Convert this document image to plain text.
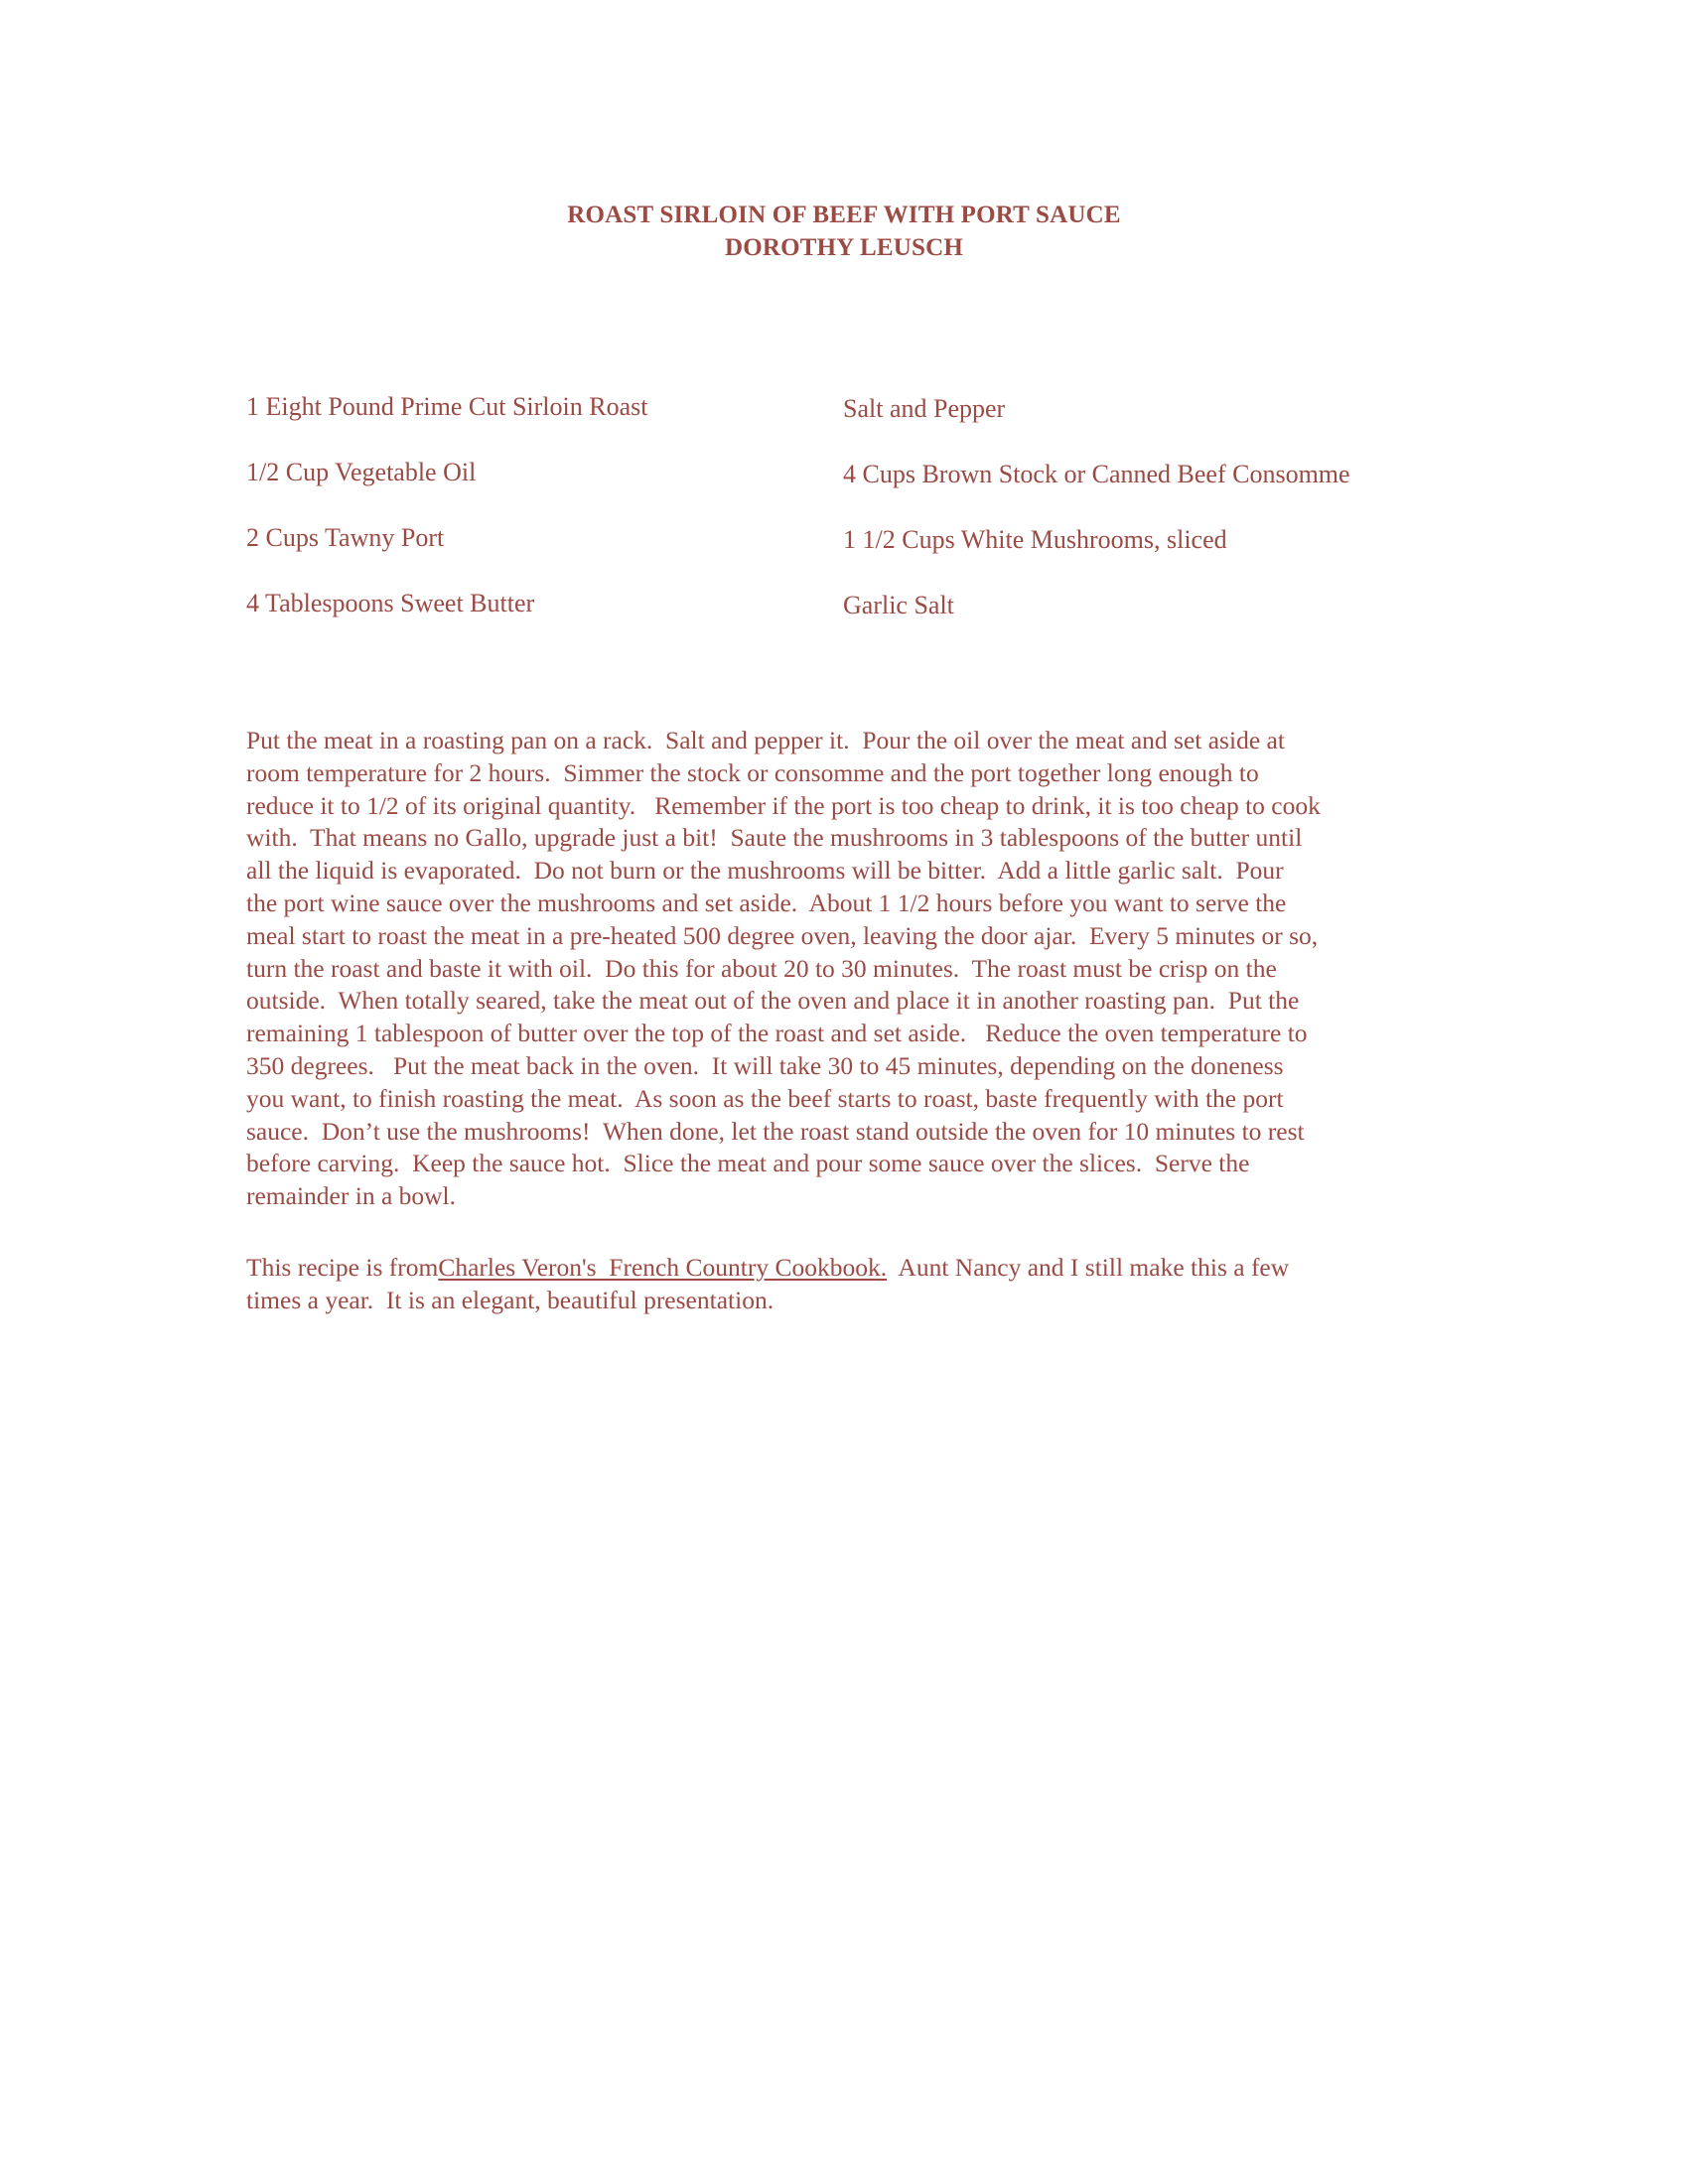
ROAST SIRLOIN OF BEEF WITH PORT SAUCE
DOROTHY LEUSCH
1 Eight Pound Prime Cut Sirloin Roast
1/2 Cup Vegetable Oil
2 Cups Tawny Port
4 Tablespoons Sweet Butter
Salt and Pepper
4 Cups Brown Stock or Canned Beef Consomme
1 1/2 Cups White Mushrooms, sliced
Garlic Salt
Put the meat in a roasting pan on a rack.  Salt and pepper it.  Pour the oil over the meat and set aside at
room temperature for 2 hours.  Simmer the stock or consomme and the port together long enough to
reduce it to 1/2 of its original quantity.   Remember if the port is too cheap to drink, it is too cheap to cook
with.  That means no Gallo, upgrade just a bit!  Saute the mushrooms in 3 tablespoons of the butter until
all the liquid is evaporated.  Do not burn or the mushrooms will be bitter.  Add a little garlic salt.  Pour
the port wine sauce over the mushrooms and set aside.  About 1 1/2 hours before you want to serve the
meal start to roast the meat in a pre-heated 500 degree oven, leaving the door ajar.  Every 5 minutes or so,
turn the roast and baste it with oil.  Do this for about 20 to 30 minutes.  The roast must be crisp on the
outside.  When totally seared, take the meat out of the oven and place it in another roasting pan.  Put the
remaining 1 tablespoon of butter over the top of the roast and set aside.   Reduce the oven temperature to
350 degrees.   Put the meat back in the oven.  It will take 30 to 45 minutes, depending on the doneness
you want, to finish roasting the meat.  As soon as the beef starts to roast, baste frequently with the port
sauce.  Don’t use the mushrooms!  When done, let the roast stand outside the oven for 10 minutes to rest
before carving.  Keep the sauce hot.  Slice the meat and pour some sauce over the slices.  Serve the
remainder in a bowl.
This recipe is fromCharles Veron's  French Country Cookbook.  Aunt Nancy and I still make this a few
times a year.  It is an elegant, beautiful presentation.
